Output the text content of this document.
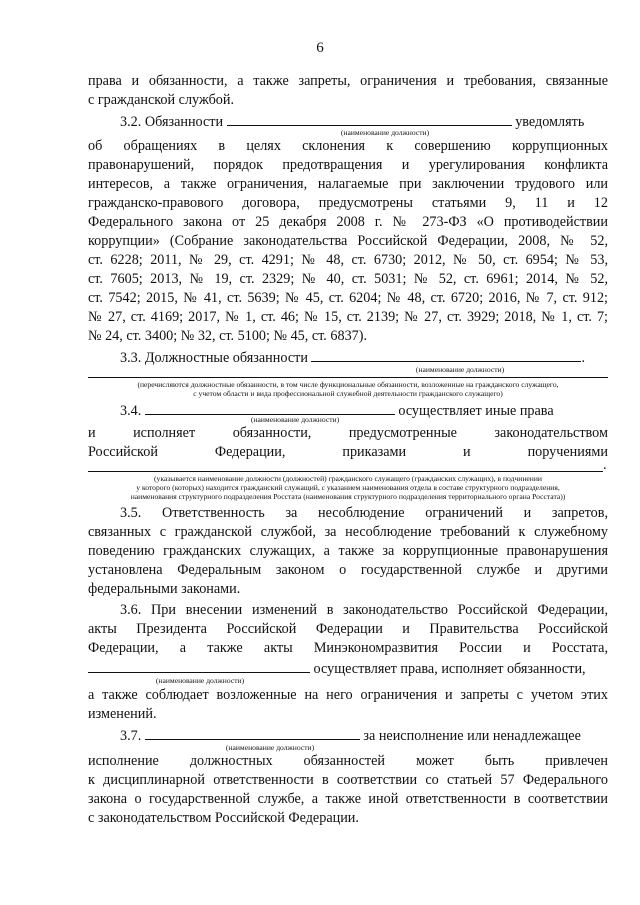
6
права и обязанности, а также запреты, ограничения и требования, связанные
с гражданской службой.
3.2. Обязанности	уведомлять
(наименование должности)
об обращениях в целях склонения к совершению коррупционных
правонарушений, порядок предотвращения и урегулирования конфликта
интересов, а также ограничения, налагаемые при заключении трудового или
гражданско-правового договора, предусмотрены статьями 9, 11 и 12
Федерального закона от 25 декабря 2008 г. № 273-ФЗ «О противодействии
коррупции» (Собрание законодательства Российской Федерации, 2008, № 52,
ст. 6228; 2011, № 29, ст. 4291; № 48, ст. 6730; 2012, № 50, ст. 6954; № 53,
ст. 7605; 2013, № 19, ст. 2329; № 40, ст. 5031; № 52, ст. 6961; 2014, № 52,
ст. 7542; 2015, № 41, ст. 5639; № 45, ст. 6204; № 48, ст. 6720; 2016, № 7, ст. 912;
№ 27, ст. 4169; 2017, № 1, ст. 46; № 15, ст. 2139; № 27, ст. 3929; 2018, № 1, ст. 7;
№ 24, ст. 3400; № 32, ст. 5100; № 45, ст. 6837).
3.3. Должностные обязанности	.
(наименование должности)
(перечисляются должностные обязанности, в том числе функциональные обязанности, возложенные на гражданского служащего,
с учетом области и вида профессиональной служебной деятельности гражданского служащего)
3.4.	осуществляет иные права
(наименование должности)
и	исполняет	обязанности,	предусмотренные	законодательством
Российской	Федерации,	приказами	и	поручениями
.
(указывается наименование должности (должностей) гражданского служащего (гражданских служащих), в подчинении
у которого (которых) находится гражданский служащий, с указанием наименования отдела в составе структурного подразделения,
наименования структурного подразделения Росстата (наименования структурного подразделения территориального органа Росстата))
3.5. Ответственность за несоблюдение ограничений и запретов,
связанных с гражданской службой, за несоблюдение требований к служебному
поведению гражданских служащих, а также за коррупционные правонарушения
установлена Федеральным законом о государственной службе и другими
федеральными законами.
3.6. При внесении изменений в законодательство Российской Федерации,
акты Президента Российской Федерации и Правительства Российской
Федерации, а также акты Минэкономразвития России и Росстата,
осуществляет права, исполняет обязанности,
(наименование должности)
а также соблюдает возложенные на него ограничения и запреты с учетом этих
изменений.
3.7.	за неисполнение или ненадлежащее
(наименование должности)
исполнение должностных обязанностей может быть привлечен
к дисциплинарной ответственности в соответствии со статьей 57 Федерального
закона о государственной службе, а также иной ответственности в соответствии
с законодательством Российской Федерации.
